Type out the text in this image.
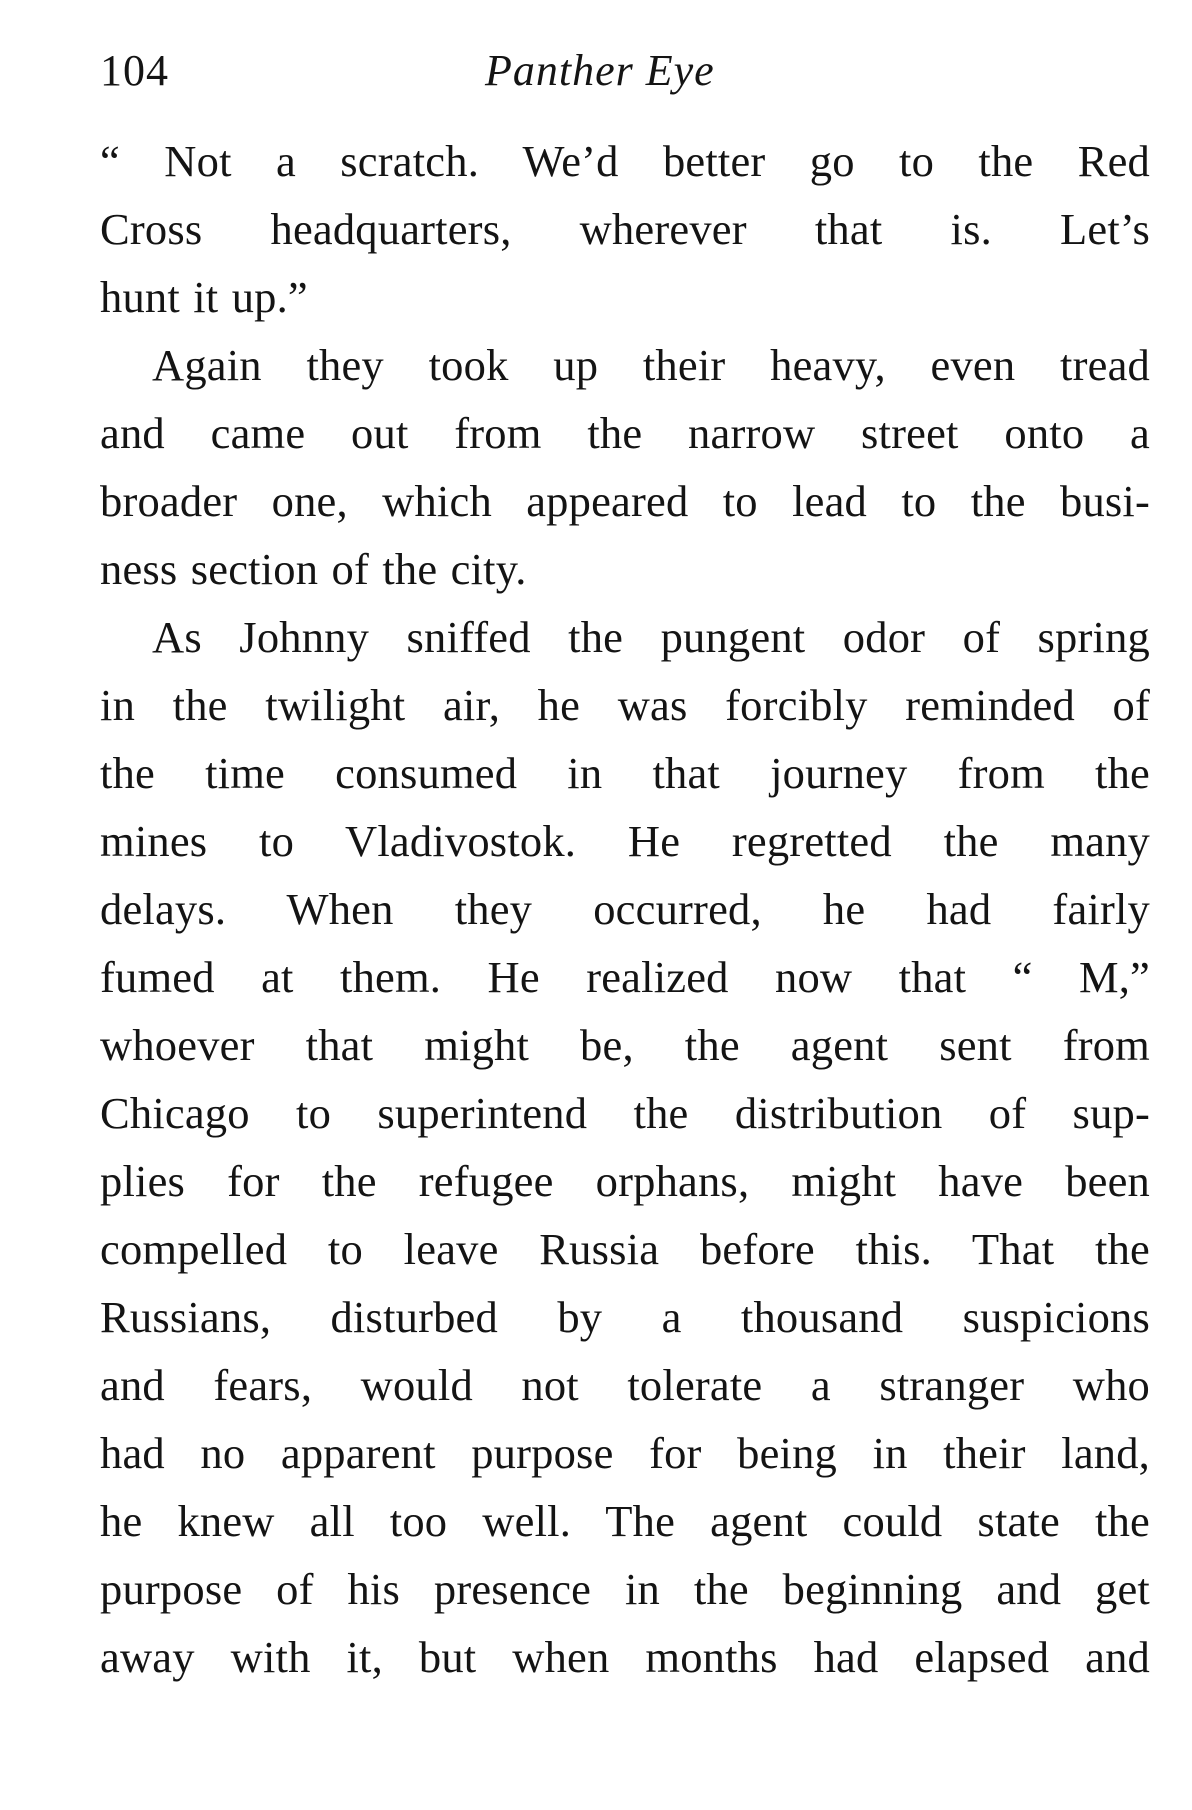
104	Panther Eye
“ Not a scratch. We’d better go to the Red
Cross headquarters, wherever that is. Let’s
hunt it up.”
Again they took up their heavy, even tread
and came out from the narrow street onto a
broader one, which appeared to lead to the busi-
ness section of the city.
As Johnny sniffed the pungent odor of spring
in the twilight air, he was forcibly reminded of
the time consumed in that journey from the
mines to Vladivostok. He regretted the many
delays. When they occurred, he had fairly
fumed at them. He realized now that “ M,”
whoever that might be, the agent sent from
Chicago to superintend the distribution of sup-
plies for the refugee orphans, might have been
compelled to leave Russia before this. That the
Russians, disturbed by a thousand suspicions
and fears, would not tolerate a stranger who
had no apparent purpose for being in their land,
he knew all too well. The agent could state the
purpose of his presence in the beginning and get
away with it, but when months had elapsed and
